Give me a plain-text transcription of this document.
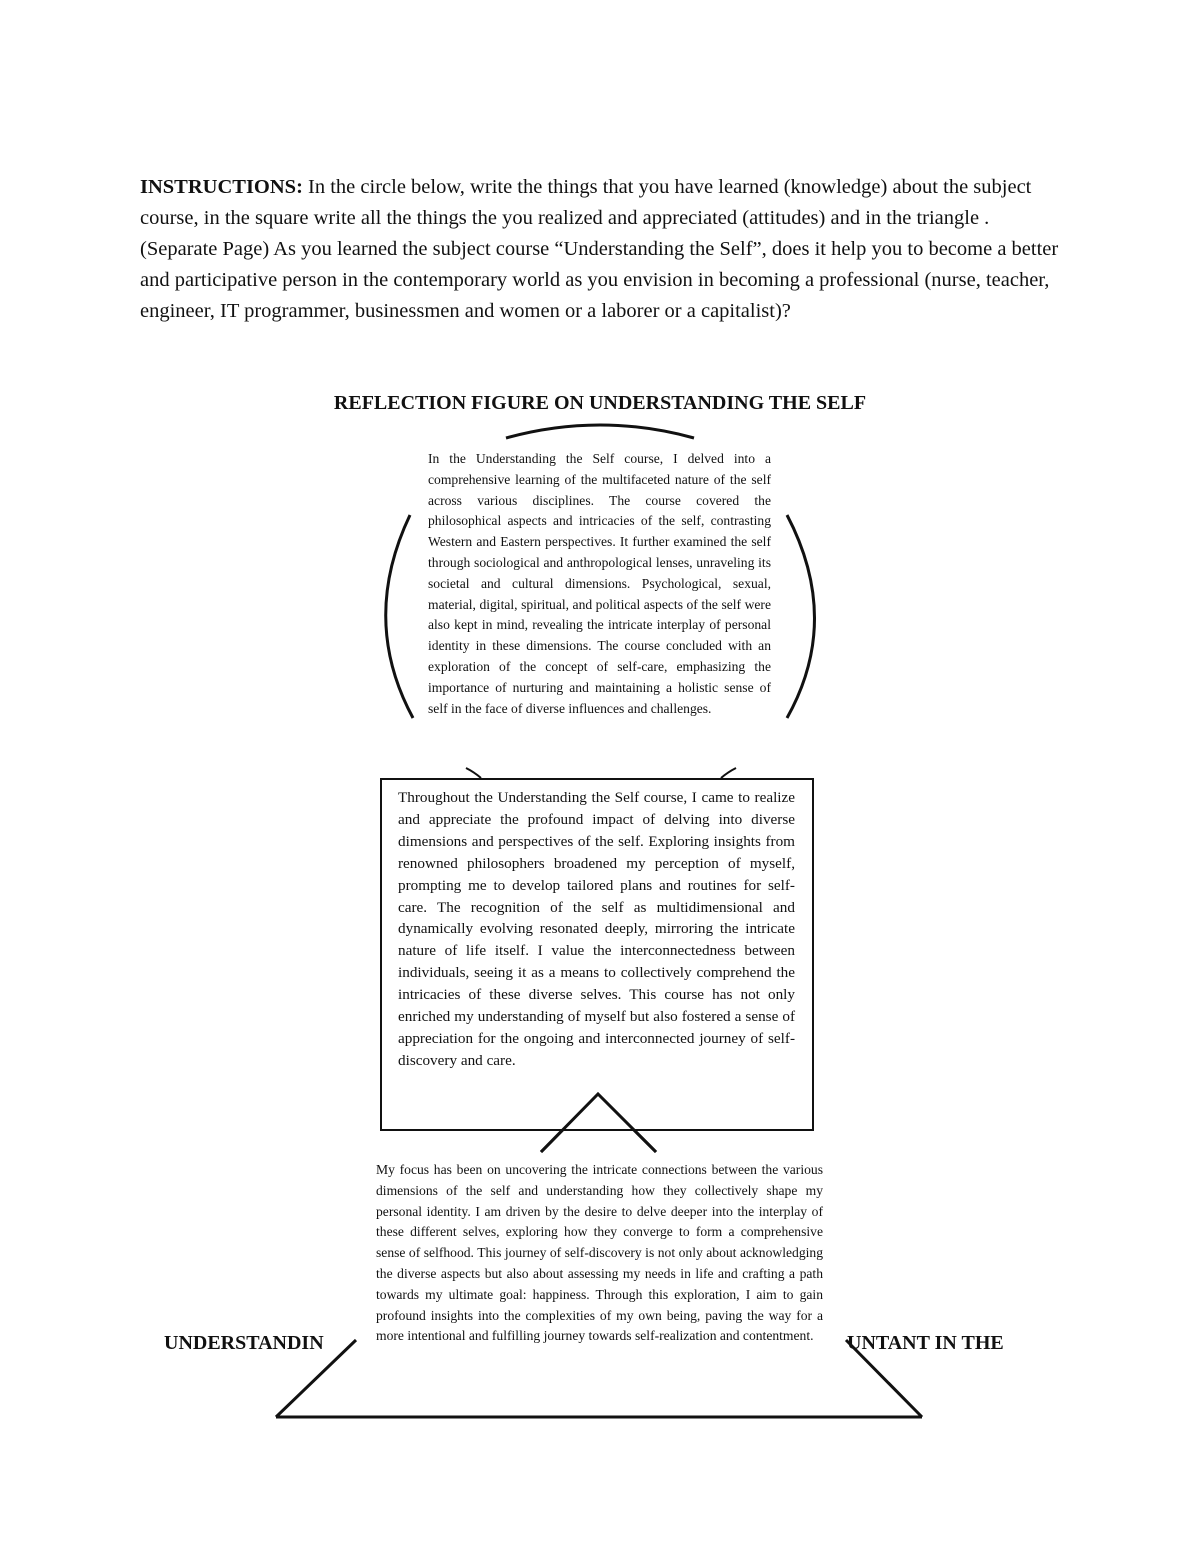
INSTRUCTIONS: In the circle below, write the things that you have learned (knowledge) about the subject course, in the square write all the things the you realized and appreciated (attitudes) and in the triangle . (Separate Page) As you learned the subject course “Understanding the Self”, does it help you to become a better and participative person in the contemporary world as you envision in becoming a professional (nurse, teacher, engineer, IT programmer, businessmen and women or a laborer or a capitalist)?

REFLECTION FIGURE ON UNDERSTANDING THE SELF

In the Understanding the Self course, I delved into a comprehensive learning of the multifaceted nature of the self across various disciplines. The course covered the philosophical aspects and intricacies of the self, contrasting Western and Eastern perspectives. It further examined the self through sociological and anthropological lenses, unraveling its societal and cultural dimensions. Psychological, sexual, material, digital, spiritual, and political aspects of the self were also kept in mind, revealing the intricate interplay of personal identity in these dimensions. The course concluded with an exploration of the concept of self-care, emphasizing the importance of nurturing and maintaining a holistic sense of self in the face of diverse influences and challenges.

Throughout the Understanding the Self course, I came to realize and appreciate the profound impact of delving into diverse dimensions and perspectives of the self. Exploring insights from renowned philosophers broadened my perception of myself, prompting me to develop tailored plans and routines for self-care. The recognition of the self as multidimensional and dynamically evolving resonated deeply, mirroring the intricate nature of life itself. I value the interconnectedness between individuals, seeing it as a means to collectively comprehend the intricacies of these diverse selves. This course has not only enriched my understanding of myself but also fostered a sense of appreciation for the ongoing and interconnected journey of self-discovery and care.

UNDERSTANDIN	UNTANT IN THE

My focus has been on uncovering the intricate connections between the various dimensions of the self and understanding how they collectively shape my personal identity. I am driven by the desire to delve deeper into the interplay of these different selves, exploring how they converge to form a comprehensive sense of selfhood. This journey of self-discovery is not only about acknowledging the diverse aspects but also about assessing my needs in life and crafting a path towards my ultimate goal: happiness. Through this exploration, I aim to gain profound insights into the complexities of my own being, paving the way for a more intentional and fulfilling journey towards self-realization and contentment.
